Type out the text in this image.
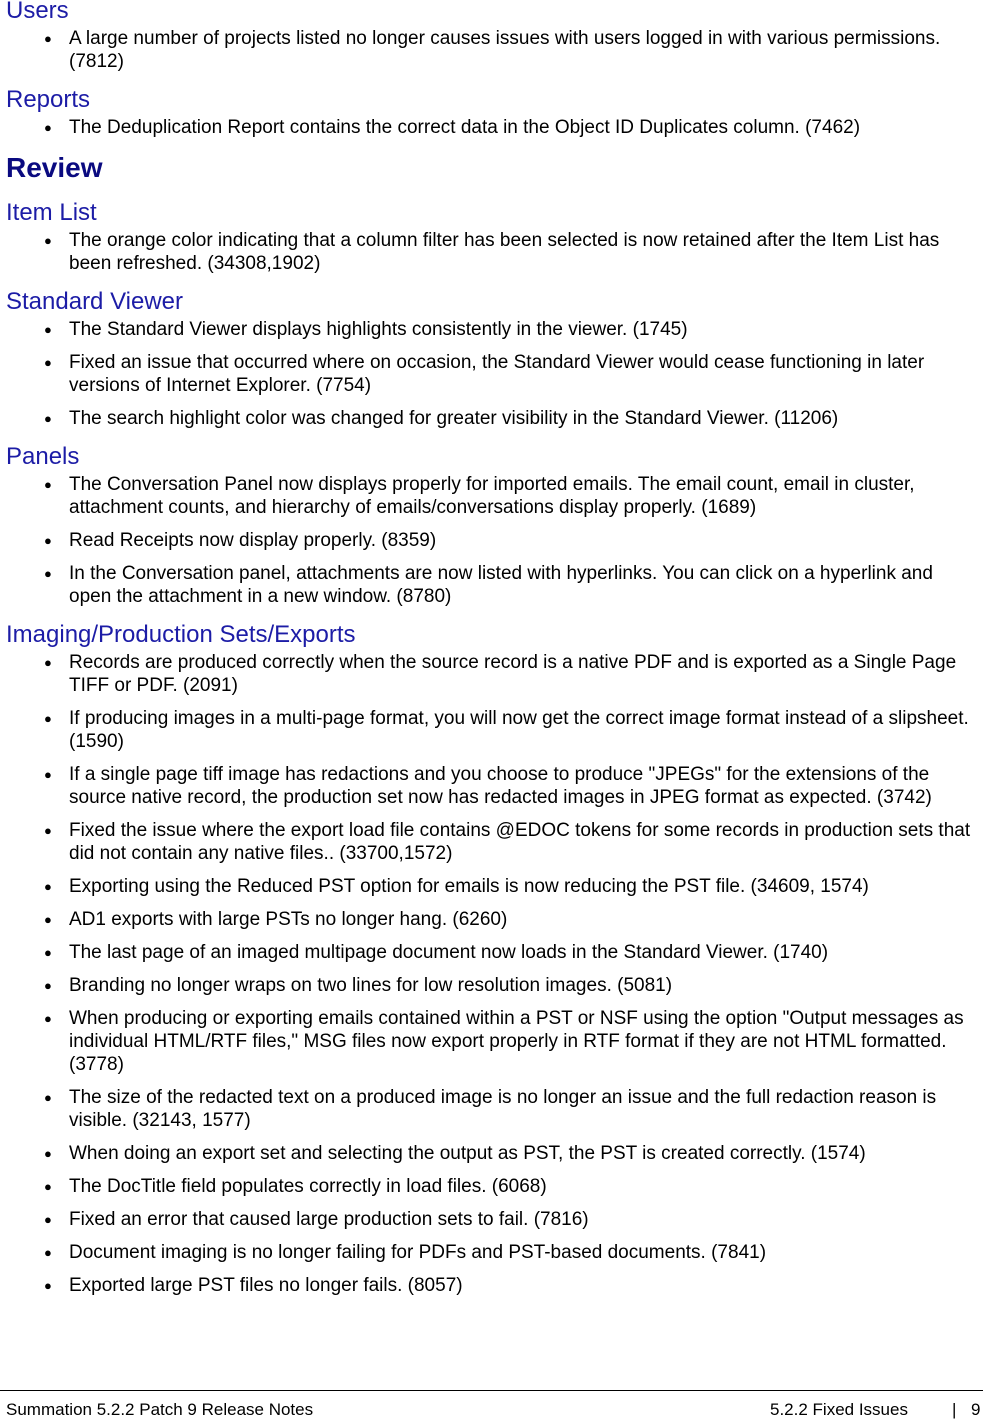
Users
● A large number of projects listed no longer causes issues with users logged in with various permissions. (7812)
Reports
● The Deduplication Report contains the correct data in the Object ID Duplicates column. (7462)
Review
Item List
● The orange color indicating that a column filter has been selected is now retained after the Item List has been refreshed. (34308,1902)
Standard Viewer
● The Standard Viewer displays highlights consistently in the viewer. (1745)
● Fixed an issue that occurred where on occasion, the Standard Viewer would cease functioning in later versions of Internet Explorer. (7754)
● The search highlight color was changed for greater visibility in the Standard Viewer. (11206)
Panels
● The Conversation Panel now displays properly for imported emails. The email count, email in cluster, attachment counts, and hierarchy of emails/conversations display properly. (1689)
● Read Receipts now display properly. (8359)
● In the Conversation panel, attachments are now listed with hyperlinks. You can click on a hyperlink and open the attachment in a new window. (8780)
Imaging/Production Sets/Exports
● Records are produced correctly when the source record is a native PDF and is exported as a Single Page TIFF or PDF. (2091)
● If producing images in a multi-page format, you will now get the correct image format instead of a slipsheet. (1590)
● If a single page tiff image has redactions and you choose to produce "JPEGs" for the extensions of the source native record, the production set now has redacted images in JPEG format as expected. (3742)
● Fixed the issue where the export load file contains @EDOC tokens for some records in production sets that did not contain any native files.. (33700,1572)
● Exporting using the Reduced PST option for emails is now reducing the PST file. (34609, 1574)
● AD1 exports with large PSTs no longer hang. (6260)
● The last page of an imaged multipage document now loads in the Standard Viewer. (1740)
● Branding no longer wraps on two lines for low resolution images. (5081)
● When producing or exporting emails contained within a PST or NSF using the option "Output messages as individual HTML/RTF files," MSG files now export properly in RTF format if they are not HTML formatted. (3778)
● The size of the redacted text on a produced image is no longer an issue and the full redaction reason is visible. (32143, 1577)
● When doing an export set and selecting the output as PST, the PST is created correctly. (1574)
● The DocTitle field populates correctly in load files. (6068)
● Fixed an error that caused large production sets to fail. (7816)
● Document imaging is no longer failing for PDFs and PST-based documents. (7841)
● Exported large PST files no longer fails. (8057)
Summation 5.2.2 Patch 9 Release Notes	5.2.2 Fixed Issues	| 9
